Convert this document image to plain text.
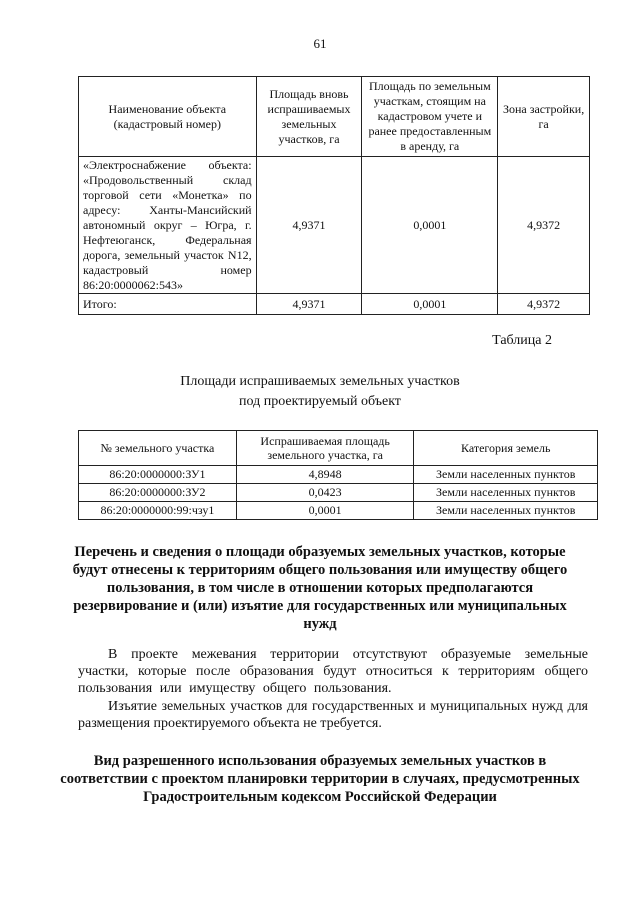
61
Наименование объекта (кадастровый номер)	Площадь вновь испрашиваемых земельных участков, га	Площадь по земельным участкам, стоящим на кадастровом учете и ранее предоставленным в аренду, га	Зона застройки, га
«Электроснабжение объекта: «Продовольственный склад торговой сети «Монетка» по адресу: Ханты-Мансийский автономный округ – Югра, г. Нефтеюганск, Федеральная дорога, земельный участок N12, кадастровый номер 86:20:0000062:543»	4,9371	0,0001	4,9372
Итого:	4,9371	0,0001	4,9372
Таблица 2
Площади испрашиваемых земельных участков
под проектируемый объект
№ земельного участка	Испрашиваемая площадь земельного участка, га	Категория земель
86:20:0000000:ЗУ1	4,8948	Земли населенных пунктов
86:20:0000000:ЗУ2	0,0423	Земли населенных пунктов
86:20:0000000:99:чзу1	0,0001	Земли населенных пунктов
Перечень и сведения о площади образуемых земельных участков, которые будут отнесены к территориям общего пользования или имуществу общего пользования, в том числе в отношении которых предполагаются резервирование и (или) изъятие для государственных или муниципальных нужд
В проекте межевания территории отсутствуют образуемые земельные участки, которые после образования будут относиться к территориям общего пользования или имуществу общего пользования.
Изъятие земельных участков для государственных и муниципальных нужд для размещения проектируемого объекта не требуется.
Вид разрешенного использования образуемых земельных участков в соответствии с проектом планировки территории в случаях, предусмотренных Градостроительным кодексом Российской Федерации
